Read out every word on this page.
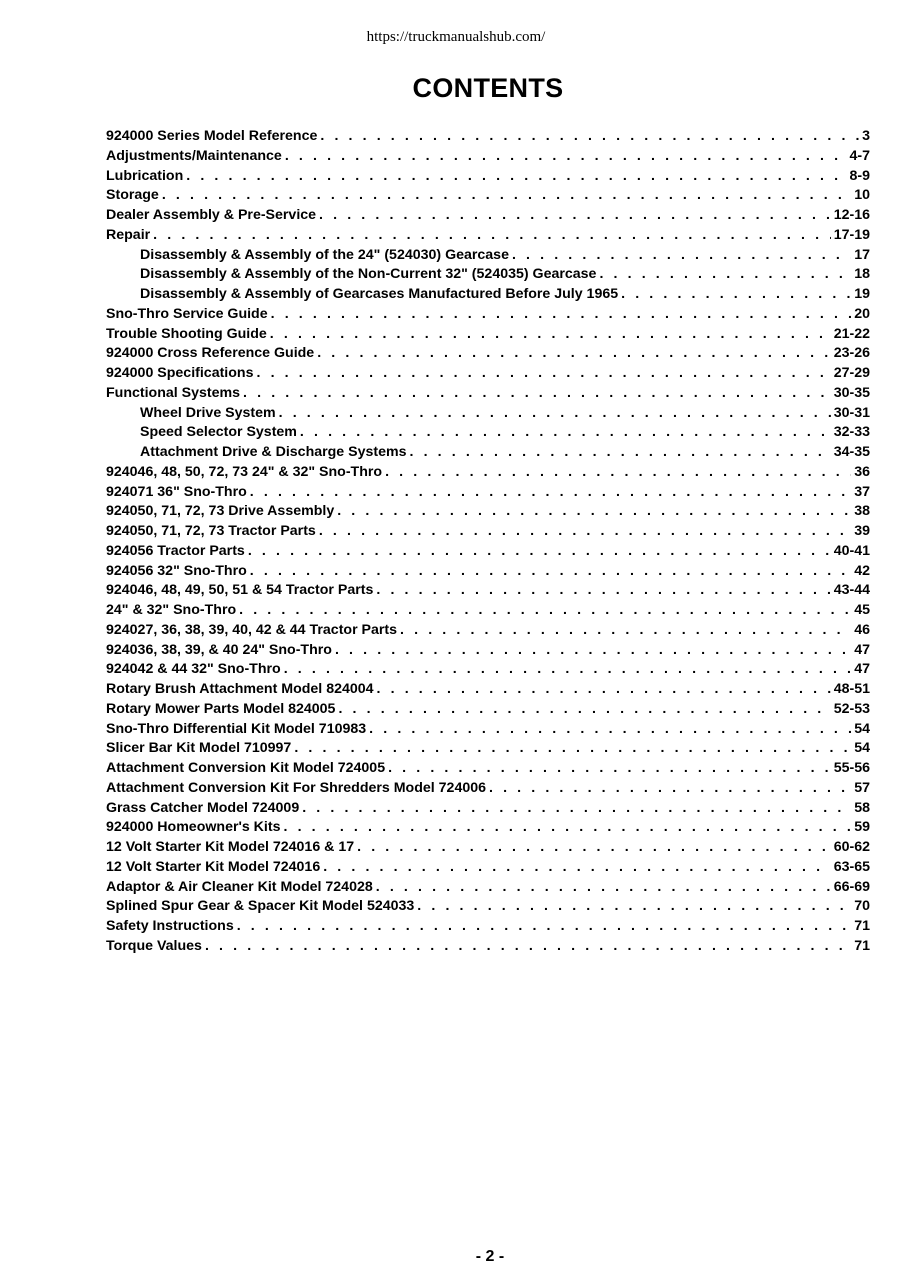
https://truckmanualshub.com/
CONTENTS
924000 Series Model Reference . . .	3
Adjustments/Maintenance . . .	4-7
Lubrication . . .	8-9
Storage . . .	10
Dealer Assembly & Pre-Service . . .	12-16
Repair . . .	17-19
Disassembly & Assembly of the 24" (524030) Gearcase . . .	17
Disassembly & Assembly of the Non-Current 32" (524035) Gearcase . . .	18
Disassembly & Assembly of Gearcases Manufactured Before July 1965 . . .	19
Sno-Thro Service Guide . . .	20
Trouble Shooting Guide . . .	21-22
924000 Cross Reference Guide . . .	23-26
924000 Specifications . . .	27-29
Functional Systems . . .	30-35
Wheel Drive System . . .	30-31
Speed Selector System . . .	32-33
Attachment Drive & Discharge Systems . . .	34-35
924046, 48, 50, 72, 73 24" & 32" Sno-Thro . . .	36
924071 36" Sno-Thro . . .	37
924050, 71, 72, 73 Drive Assembly . . .	38
924050, 71, 72, 73 Tractor Parts . . .	39
924056 Tractor Parts . . .	40-41
924056 32" Sno-Thro . . .	42
924046, 48, 49, 50, 51 & 54 Tractor Parts . . .	43-44
24" & 32" Sno-Thro . . .	45
924027, 36, 38, 39, 40, 42 & 44 Tractor Parts . . .	46
924036, 38, 39, & 40 24" Sno-Thro . . .	47
924042 & 44 32" Sno-Thro . . .	47
Rotary Brush Attachment Model 824004 . . .	48-51
Rotary Mower Parts Model 824005 . . .	52-53
Sno-Thro Differential Kit Model 710983 . . .	54
Slicer Bar Kit Model 710997 . . .	54
Attachment Conversion Kit Model 724005 . . .	55-56
Attachment Conversion Kit For Shredders Model 724006 . . .	57
Grass Catcher Model 724009 . . .	58
924000 Homeowner's Kits . . .	59
12 Volt Starter Kit Model 724016 & 17 . . .	60-62
12 Volt Starter Kit Model 724016 . . .	63-65
Adaptor & Air Cleaner Kit Model 724028 . . .	66-69
Splined Spur Gear & Spacer Kit Model 524033 . . .	70
Safety Instructions . . .	71
Torque Values . . .	71
- 2 -
